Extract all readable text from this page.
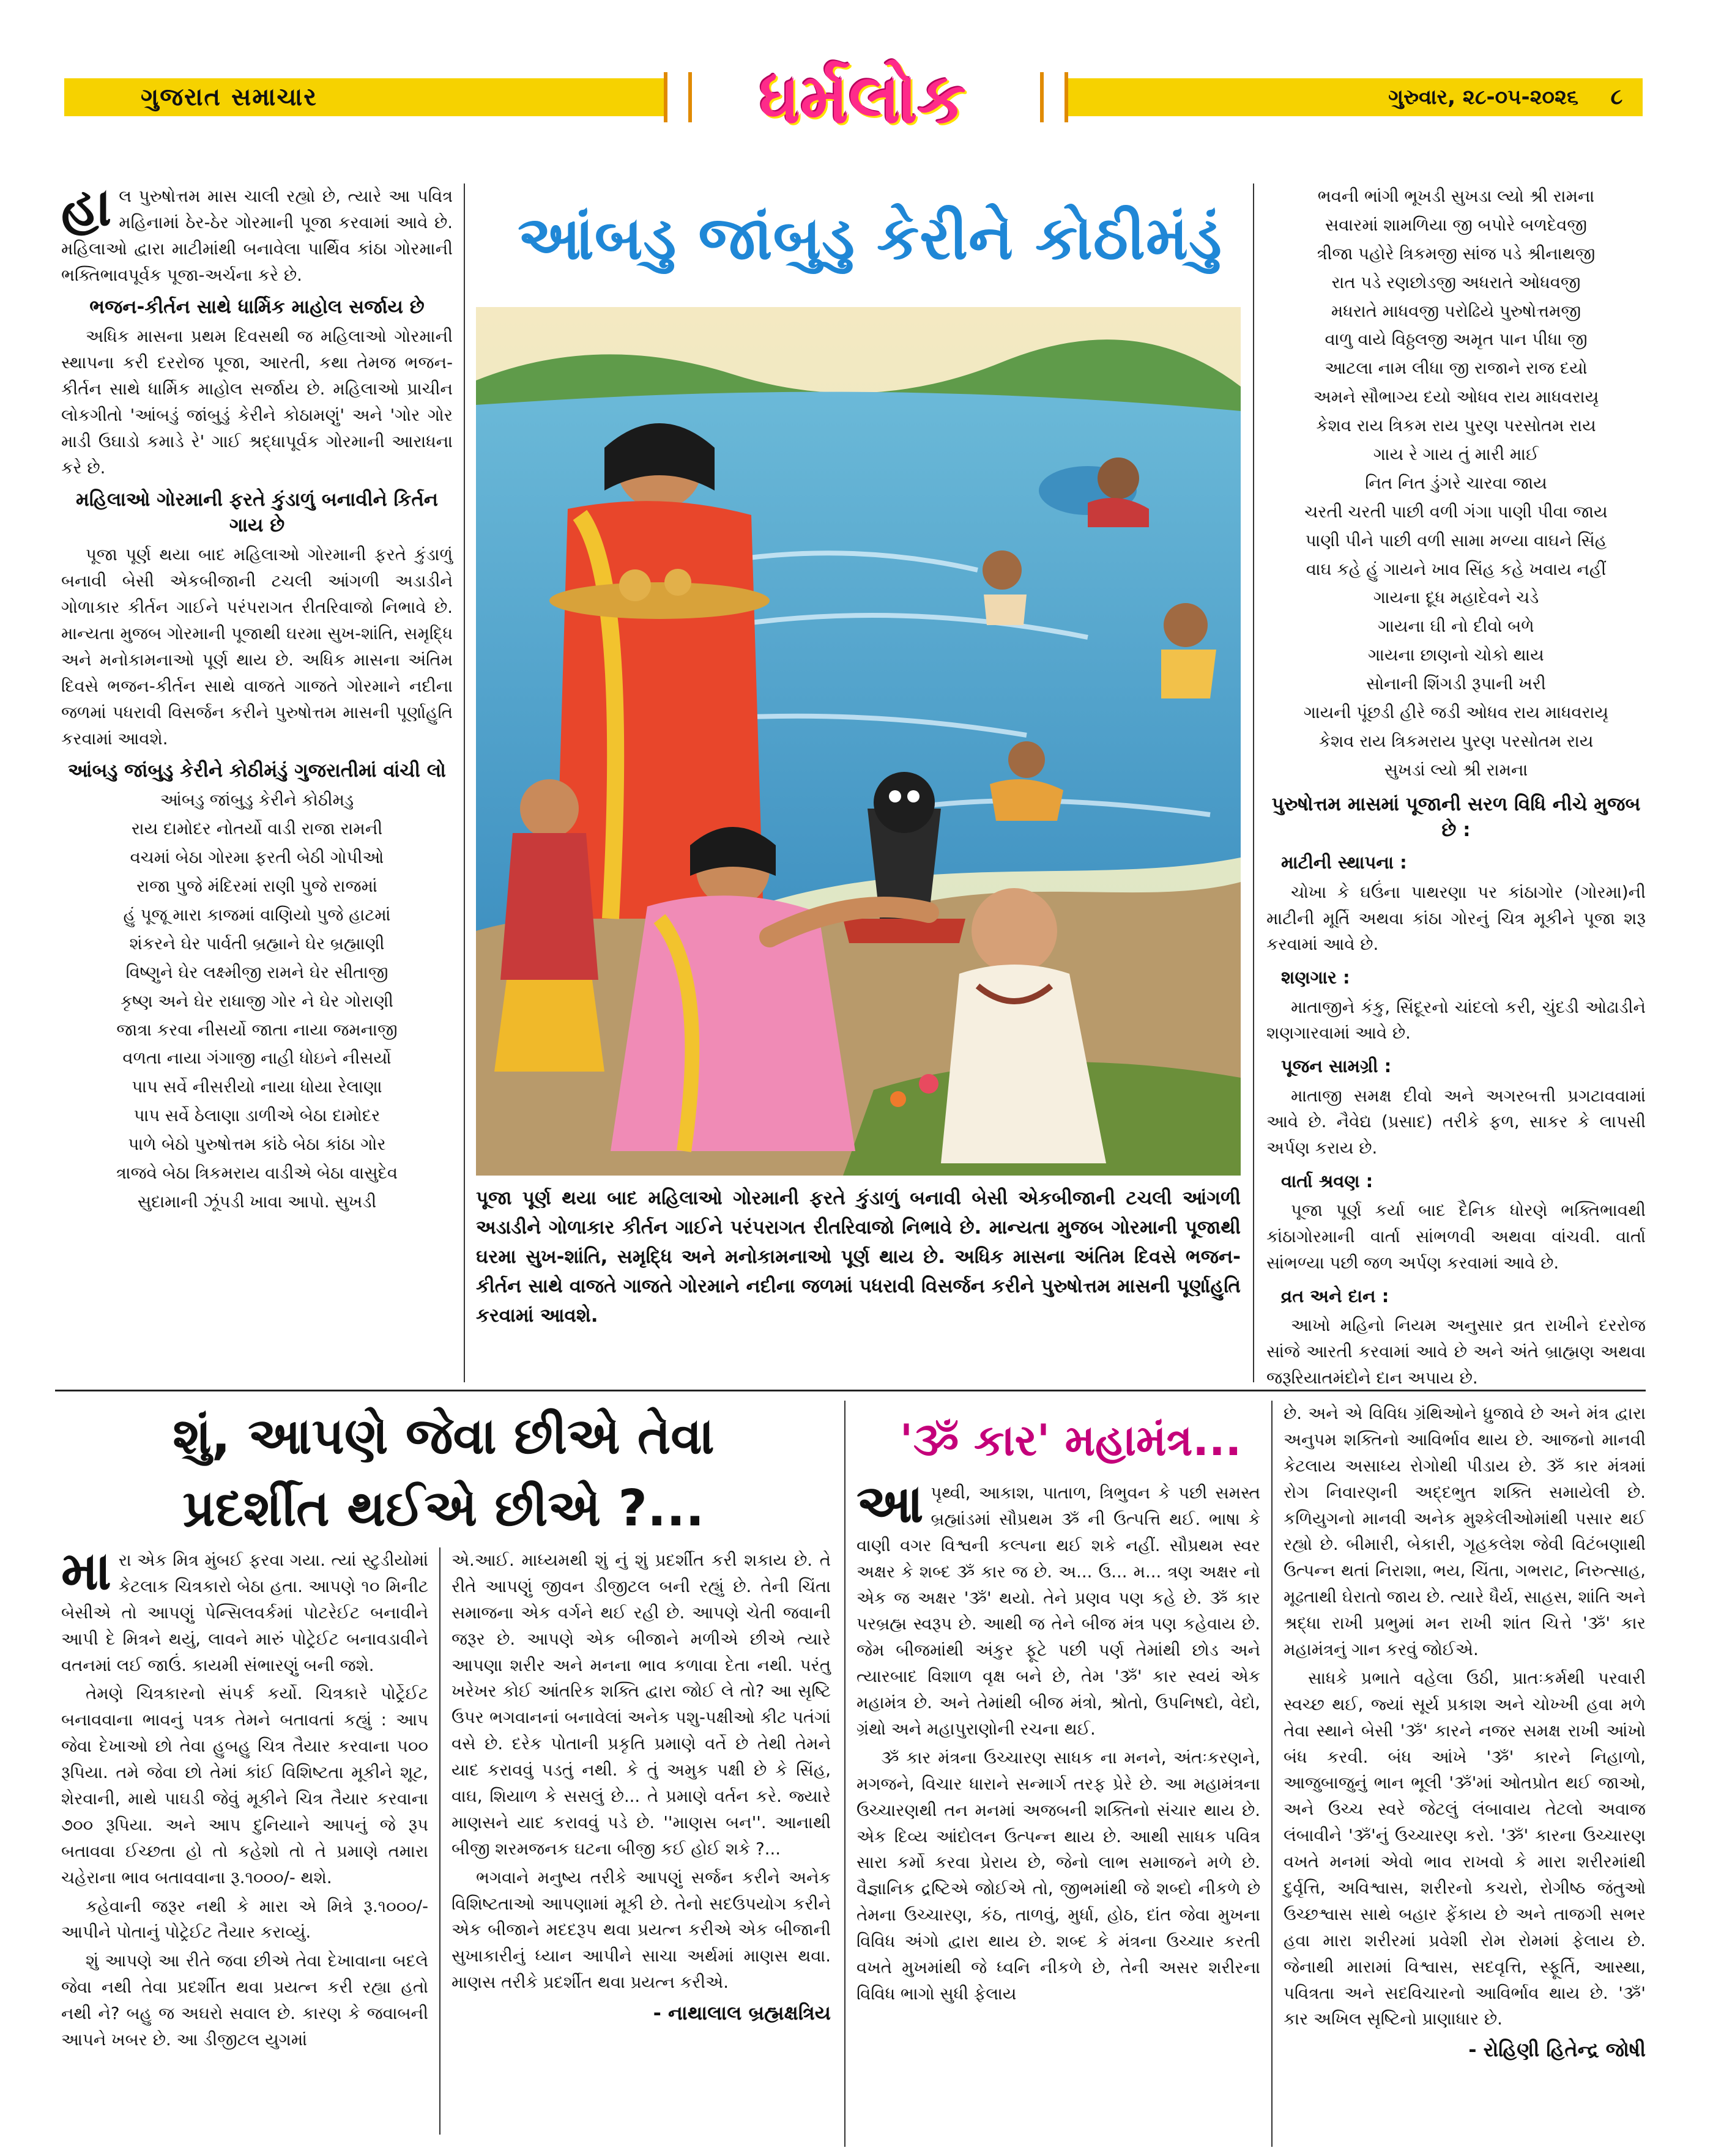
ગુજરાત સમાચાર	ધર્મલોક	ગુરુવાર, ૨૮-૦૫-૨૦૨૬	૮
આંબડુ જાંબુડુ કેરીને કોઠીમંડું

હાલ પુરુષોત્તમ માસ ચાલી રહ્યો છે, ત્યારે આ પવિત્ર મહિનામાં ઠેર-ઠેર ગોરમાની પૂજા કરવામાં આવે છે. મહિલાઓ દ્વારા માટીમાંથી બનાવેલા પાર્થિવ કાંઠા ગોરમાની ભક્તિભાવપૂર્વક પૂજા-અર્ચના કરે છે.

ભજન-કીર્તન સાથે ધાર્મિક માહોલ સર્જાય છે

અધિક માસના પ્રથમ દિવસથી જ મહિલાઓ ગોરમાની સ્થાપના કરી દરરોજ પૂજા, આરતી, કથા તેમજ ભજન-કીર્તન સાથે ધાર્મિક માહોલ સર્જાય છે. મહિલાઓ પ્રાચીન લોકગીતો 'આંબડું જાંબુડું કેરીને કોઠામણું' અને 'ગોર ગોર માડી ઉઘાડો કમાડે રે' ગાઈ શ્રદ્ધાપૂર્વક ગોરમાની આરાધના કરે છે.

મહિલાઓ ગોરમાની ફરતે કુંડાળું બનાવીને કિર્તન ગાય છે

પૂજા પૂર્ણ થયા બાદ મહિલાઓ ગોરમાની ફરતે કુંડાળું બનાવી બેસી એકબીજાની ટચલી આંગળી અડાડીને ગોળાકાર કીર્તન ગાઈને પરંપરાગત રીતરિવાજો નિભાવે છે. માન્યતા મુજબ ગોરમાની પૂજાથી ઘરમા સુખ-શાંતિ, સમૃદ્ધિ અને મનોકામનાઓ પૂર્ણ થાય છે. અધિક માસના અંતિમ દિવસે ભજન-કીર્તન સાથે વાજતે ગાજતે ગોરમાને નદીના જળમાં પધરાવી વિસર્જન કરીને પુરુષોત્તમ માસની પૂર્ણાહુતિ કરવામાં આવશે.

આંબડુ જાંબુડુ કેરીને કોઠીમંડું ગુજરાતીમાં વાંચી લો

આંબડુ જાંબુડુ કેરીને કોઠીમડુ

રાય દામોદર નોતર્યો વાડી રાજા રામની

વચમાં બેઠા ગોરમા ફરતી બેઠી ગોપીઓ

રાજા પુજે મંદિરમાં રાણી પુજે રાજમાં

હું પૂજૂ મારા કાજમાં વાણિયો પુજે હાટમાં

શંકરને ઘેર પાર્વતી બ્રહ્માને ઘેર બ્રહ્માણી

વિષ્ણુને ઘેર લક્ષ્મીજી રામને ઘેર સીતાજી

કૃષ્ણ અને ઘેર રાધાજી ગોર ને ઘેર ગોરાણી

જાત્રા કરવા નીસર્યો જાતા નાયા જમનાજી

વળતા નાયા ગંગાજી નાહી ધોઇને નીસર્યો

પાપ સર્વે નીસરીયો નાયા ધોયા રેલાણા

પાપ સર્વે ઠેલાણા ડાળીએ બેઠા દામોદર

પાળે બેઠો પુરુષોત્તમ કાંઠે બેઠા કાંઠા ગોર

ત્રાજવે બેઠા ત્રિકમરાય વાડીએ બેઠા વાસુદેવ

સુદામાની ઝૂંપડી ખાવા આપો. સુખડી	પૂજા પૂર્ણ થયા બાદ મહિલાઓ ગોરમાની ફરતે કુંડાળું બનાવી બેસી એકબીજાની ટચલી આંગળી અડાડીને ગોળાકાર કીર્તન ગાઈને પરંપરાગત રીતરિવાજો નિભાવે છે. માન્યતા મુજબ ગોરમાની પૂજાથી ઘરમા સુખ-શાંતિ, સમૃદ્ધિ અને મનોકામનાઓ પૂર્ણ થાય છે. અધિક માસના અંતિમ દિવસે ભજન-કીર્તન સાથે વાજતે ગાજતે ગોરમાને નદીના જળમાં પધરાવી વિસર્જન કરીને પુરુષોત્તમ માસની પૂર્ણાહુતિ કરવામાં આવશે.

ભવની ભાંગી ભૂખડી સુખડા લ્યો શ્રી રામના

સવારમાં શામળિયા જી બપોરે બળદેવજી

ત્રીજા પહોરે ત્રિકમજી સાંજ પડે શ્રીનાથજી

રાત પડે રણછોડજી અધરાતે ઓધવજી

મધરાતે માધવજી પરોઢિયે પુરુષોત્તમજી

વાળુ વાયે વિઠ્ઠલજી અમૃત પાન પીધા જી

આટલા નામ લીધા જી રાજાને રાજ દયો

અમને સૌભાગ્ય દયો ઓધવ રાય માધવરાયૃ

કેશવ રાય ત્રિકમ રાય પુરણ પરસોતમ રાય

ગાય રે ગાય તું મારી માઈ

નિત નિત ડુંગરે ચારવા જાય

ચરતી ચરતી પાછી વળી ગંગા પાણી પીવા જાય

પાણી પીને પાછી વળી સામા મળ્યા વાઘને સિંહ

વાઘ કહે હું ગાયને ખાવ સિંહ કહે ખવાય નહીં

ગાયના દૂધ મહાદેવને ચડે

ગાયના ઘી નો દીવો બળે

ગાયના છાણનો ચોકો થાય

સોનાની શિંગડી રૂપાની ખરી

ગાયની પૂંછડી હીરે જડી ઓધવ રાય માધવરાયૃ

કેશવ રાય ત્રિકમરાય પુરણ પરસોતમ રાય

સુખડાં લ્યો શ્રી રામના

પુરુષોત્તમ માસમાં પૂજાની સરળ વિધિ નીચે મુજબ છે :
માટીની સ્થાપના :

ચોખા કે ઘઉંના પાથરણા પર કાંઠાગોર (ગોરમા)ની માટીની મૂર્તિ અથવા કાંઠા ગોરનું ચિત્ર મૂકીને પૂજા શરૂ કરવામાં આવે છે.

શણગાર :

માતાજીને કંકુ, સિંદૂરનો ચાંદલો કરી, ચુંદડી ઓઢાડીને શણગારવામાં આવે છે.

પૂજન સામગ્રી :

માતાજી સમક્ષ દીવો અને અગરબત્તી પ્રગટાવવામાં આવે છે. નૈવેદ્ય (પ્રસાદ) તરીકે ફળ, સાકર કે લાપસી અર્પણ કરાય છે.

વાર્તા શ્રવણ :

પૂજા પૂર્ણ કર્યા બાદ દૈનિક ધોરણે ભક્તિભાવથી કાંઠાગોરમાની વાર્તા સાંભળવી અથવા વાંચવી. વાર્તા સાંભળ્યા પછી જળ અર્પણ કરવામાં આવે છે.

વ્રત અને દાન :

આખો મહિનો નિયમ અનુસાર વ્રત રાખીને દરરોજ સાંજે આરતી કરવામાં આવે છે અને અંતે બ્રાહ્મણ અથવા જરૂરિયાતમંદોને દાન અપાય છે.

શું, આપણે જેવા છીએ તેવા
પ્રદર્શીત થઈએ છીએ ?...

મારા એક મિત્ર મુંબઈ ફરવા ગયા. ત્યાં સ્ટુડીયોમાં કેટલાક ચિત્રકારો બેઠા હતા. આપણે ૧૦ મિનીટ બેસીએ તો આપણું પેન્સિલવર્કમાં પોટરેઈટ બનાવીને આપી દે મિત્રને થયું, લાવને મારું પોટ્રેઈટ બનાવડાવીને વતનમાં લઈ જાઉં. કાયમી સંભારણું બની જશે.

તેમણે ચિત્રકારનો સંપર્ક કર્યો. ચિત્રકારે પોર્ટ્રેઈટ બનાવવાના ભાવનું પત્રક તેમને બતાવતાં કહ્યું : આપ જેવા દેખાઓ છો તેવા હુબહુ ચિત્ર તૈયાર કરવાના ૫૦૦ રૂપિયા. તમે જેવા છો તેમાં કાંઈ વિશિષ્ટતા મૂકીને શૂટ, શેરવાની, માથે પાઘડી જેવું મૂકીને ચિત્ર તૈયાર કરવાના ૭૦૦ રૂપિયા. અને આપ દુનિયાને આપનું જે રૂપ બતાવવા ઈચ્છતા હો તો કહેશો તો તે પ્રમાણે તમારા ચહેરાના ભાવ બતાવવાના રૂ.૧૦૦૦/- થશે.

કહેવાની જરૂર નથી કે મારા એ મિત્રે રૂ.૧૦૦૦/- આપીને પોતાનું પોટ્રેઈટ તૈયાર કરાવ્યું.

શું આપણે આ રીતે જવા છીએ તેવા દેખાવાના બદલે જેવા નથી તેવા પ્રદર્શીત થવા પ્રયત્ન કરી રહ્યા હતો નથી ને? બહુ જ અઘરો સવાલ છે. કારણ કે જવાબની આપને ખબર છે. આ ડીજીટલ યુગમાં

એ.આઈ. માધ્યમથી શું નું શું પ્રદર્શીત કરી શકાય છે. તે રીતે આપણું જીવન ડીજીટલ બની રહ્યું છે. તેની ચિંતા સમાજના એક વર્ગને થઈ રહી છે. આપણે ચેતી જવાની જરૂર છે. આપણે એક બીજાને મળીએ છીએ ત્યારે આપણા શરીર અને મનના ભાવ કળાવા દેતા નથી. પરંતુ ખરેખર કોઈ આંતરિક શક્તિ દ્વારા જોઈ લે તો? આ સૃષ્ટિ ઉપર ભગવાનનાં બનાવેલાં અનેક પશુ-પક્ષીઓ કીટ પતંગાં વસે છે. દરેક પોતાની પ્રકૃતિ પ્રમાણે વર્તે છે તેથી તેમને યાદ કરાવવું પડતું નથી. કે તું અમુક પક્ષી છે કે સિંહ, વાઘ, શિયાળ કે સસલું છે... તે પ્રમાણે વર્તન કરે. જ્યારે માણસને યાદ કરાવવું પડે છે. ''માણસ બન''. આનાથી બીજી શરમજનક ઘટના બીજી કઈ હોઈ શકે ?...

ભગવાને મનુષ્ય તરીકે આપણું સર્જન કરીને અનેક વિશિષ્ટતાઓ આપણામાં મૂકી છે. તેનો સદઉપયોગ કરીને એક બીજાને મદદરૂપ થવા પ્રયત્ન કરીએ એક બીજાની સુખાકારીનું ધ્યાન આપીને સાચા અર્થમાં માણસ થવા. માણસ તરીકે પ્રદર્શીત થવા પ્રયત્ન કરીએ.

- નાથાલાલ બ્રહ્મક્ષત્રિય

'ૐ કાર' મહામંત્ર...

આપૃથ્વી, આકાશ, પાતાળ, ત્રિભુવન કે પછી સમસ્ત બ્રહ્માંડમાં સૌપ્રથમ ૐ ની ઉત્પત્તિ થઈ. ભાષા કે વાણી વગર વિશ્વની કલ્પના થઈ શકે નહીં. સૌપ્રથમ સ્વર અક્ષર કે શબ્દ ૐ કાર જ છે. અ... ઉ... મ... ત્રણ અક્ષર નો એક જ અક્ષર 'ૐ' થયો. તેને પ્રણવ પણ કહે છે. ૐ કાર પરબ્રહ્મ સ્વરૂપ છે. આથી જ તેને બીજ મંત્ર પણ કહેવાય છે. જેમ બીજમાંથી અંકુર ફૂટે પછી પર્ણ તેમાંથી છોડ અને ત્યારબાદ વિશાળ વૃક્ષ બને છે, તેમ 'ૐ' કાર સ્વયં એક મહામંત્ર છે. અને તેમાંથી બીજ મંત્રો, શ્રોતો, ઉપનિષદો, વેદો, ગ્રંથો અને મહાપુરાણોની રચના થઈ.

ૐ કાર મંત્રના ઉચ્ચારણ સાધક ના મનને, અંતઃકરણને, મગજને, વિચાર ધારાને સન્માર્ગ તરફ પ્રેરે છે. આ મહામંત્રના ઉચ્ચારણથી તન મનમાં અજબની શક્તિનો સંચાર થાય છે. એક દિવ્ય આંદોલન ઉત્પન્ન થાય છે. આથી સાધક પવિત્ર સારા કર્મો કરવા પ્રેરાય છે, જેનો લાભ સમાજને મળે છે. વૈજ્ઞાનિક દ્રષ્ટિએ જોઈએ તો, જીભમાંથી જે શબ્દો નીકળે છે તેમના ઉચ્ચારણ, કંઠ, તાળવું, મુર્ધા, હોઠ, દાંત જેવા મુખના વિવિધ અંગો દ્વારા થાય છે. શબ્દ કે મંત્રના ઉચ્ચાર કરતી વખતે મુખમાંથી જે ધ્વનિ નીકળે છે, તેની અસર શરીરના વિવિધ ભાગો સુધી ફેલાય

છે. અને એ વિવિધ ગ્રંથિઓને ધ્રુજાવે છે અને મંત્ર દ્વારા અનુપમ શક્તિનો આવિર્ભાવ થાય છે. આજનો માનવી કેટલાય અસાધ્ય રોગોથી પીડાય છે. ૐ કાર મંત્રમાં રોગ નિવારણની અદ્દભુત શક્તિ સમાયેલી છે. કળિયુગનો માનવી અનેક મુશ્કેલીઓમાંથી પસાર થઈ રહ્યો છે. બીમારી, બેકારી, ગૃહકલેશ જેવી વિટંબણાથી ઉત્પન્ન થતાં નિરાશા, ભય, ચિંતા, ગભરાટ, નિરુત્સાહ, મૂઢતાથી ઘેરાતો જાય છે. ત્યારે ધૈર્ય, સાહસ, શાંતિ અને શ્રદ્ધા રાખી પ્રભુમાં મન રાખી શાંત ચિત્તે 'ૐ' કાર મહામંત્રનું ગાન કરવું જોઈએ.

સાધકે પ્રભાતે વહેલા ઉઠી, પ્રાતઃકર્મથી પરવારી સ્વચ્છ થઈ, જ્યાં સૂર્ય પ્રકાશ અને ચોખ્ખી હવા મળે તેવા સ્થાને બેસી 'ૐ' કારને નજર સમક્ષ રાખી આંખો બંધ કરવી. બંધ આંખે 'ૐ' કારને નિહાળો, આજુબાજુનું ભાન ભૂલી 'ૐ'માં ઓતપ્રોત થઈ જાઓ, અને ઉચ્ચ સ્વરે જેટલું લંબાવાય તેટલો અવાજ લંબાવીને 'ૐ'નું ઉચ્ચારણ કરો. 'ૐ' કારના ઉચ્ચારણ વખતે મનમાં એવો ભાવ રાખવો કે મારા શરીરમાંથી દુર્વૃત્તિ, અવિશ્વાસ, શરીરનો કચરો, રોગીષ્ઠ જંતુઓ ઉચ્છશ્વાસ સાથે બહાર ફેંકાય છે અને તાજગી સભર હવા મારા શરીરમાં પ્રવેશી રોમ રોમમાં ફેલાય છે. જેનાથી મારામાં વિશ્વાસ, સદવૃત્તિ, સ્ફૂર્તિ, આસ્થા, પવિત્રતા અને સદવિચારનો આવિર્ભાવ થાય છે. 'ૐ' કાર અખિલ સૃષ્ટિનો પ્રાણાધાર છે.

- રોહિણી હિતેન્દ્ર જોષી
